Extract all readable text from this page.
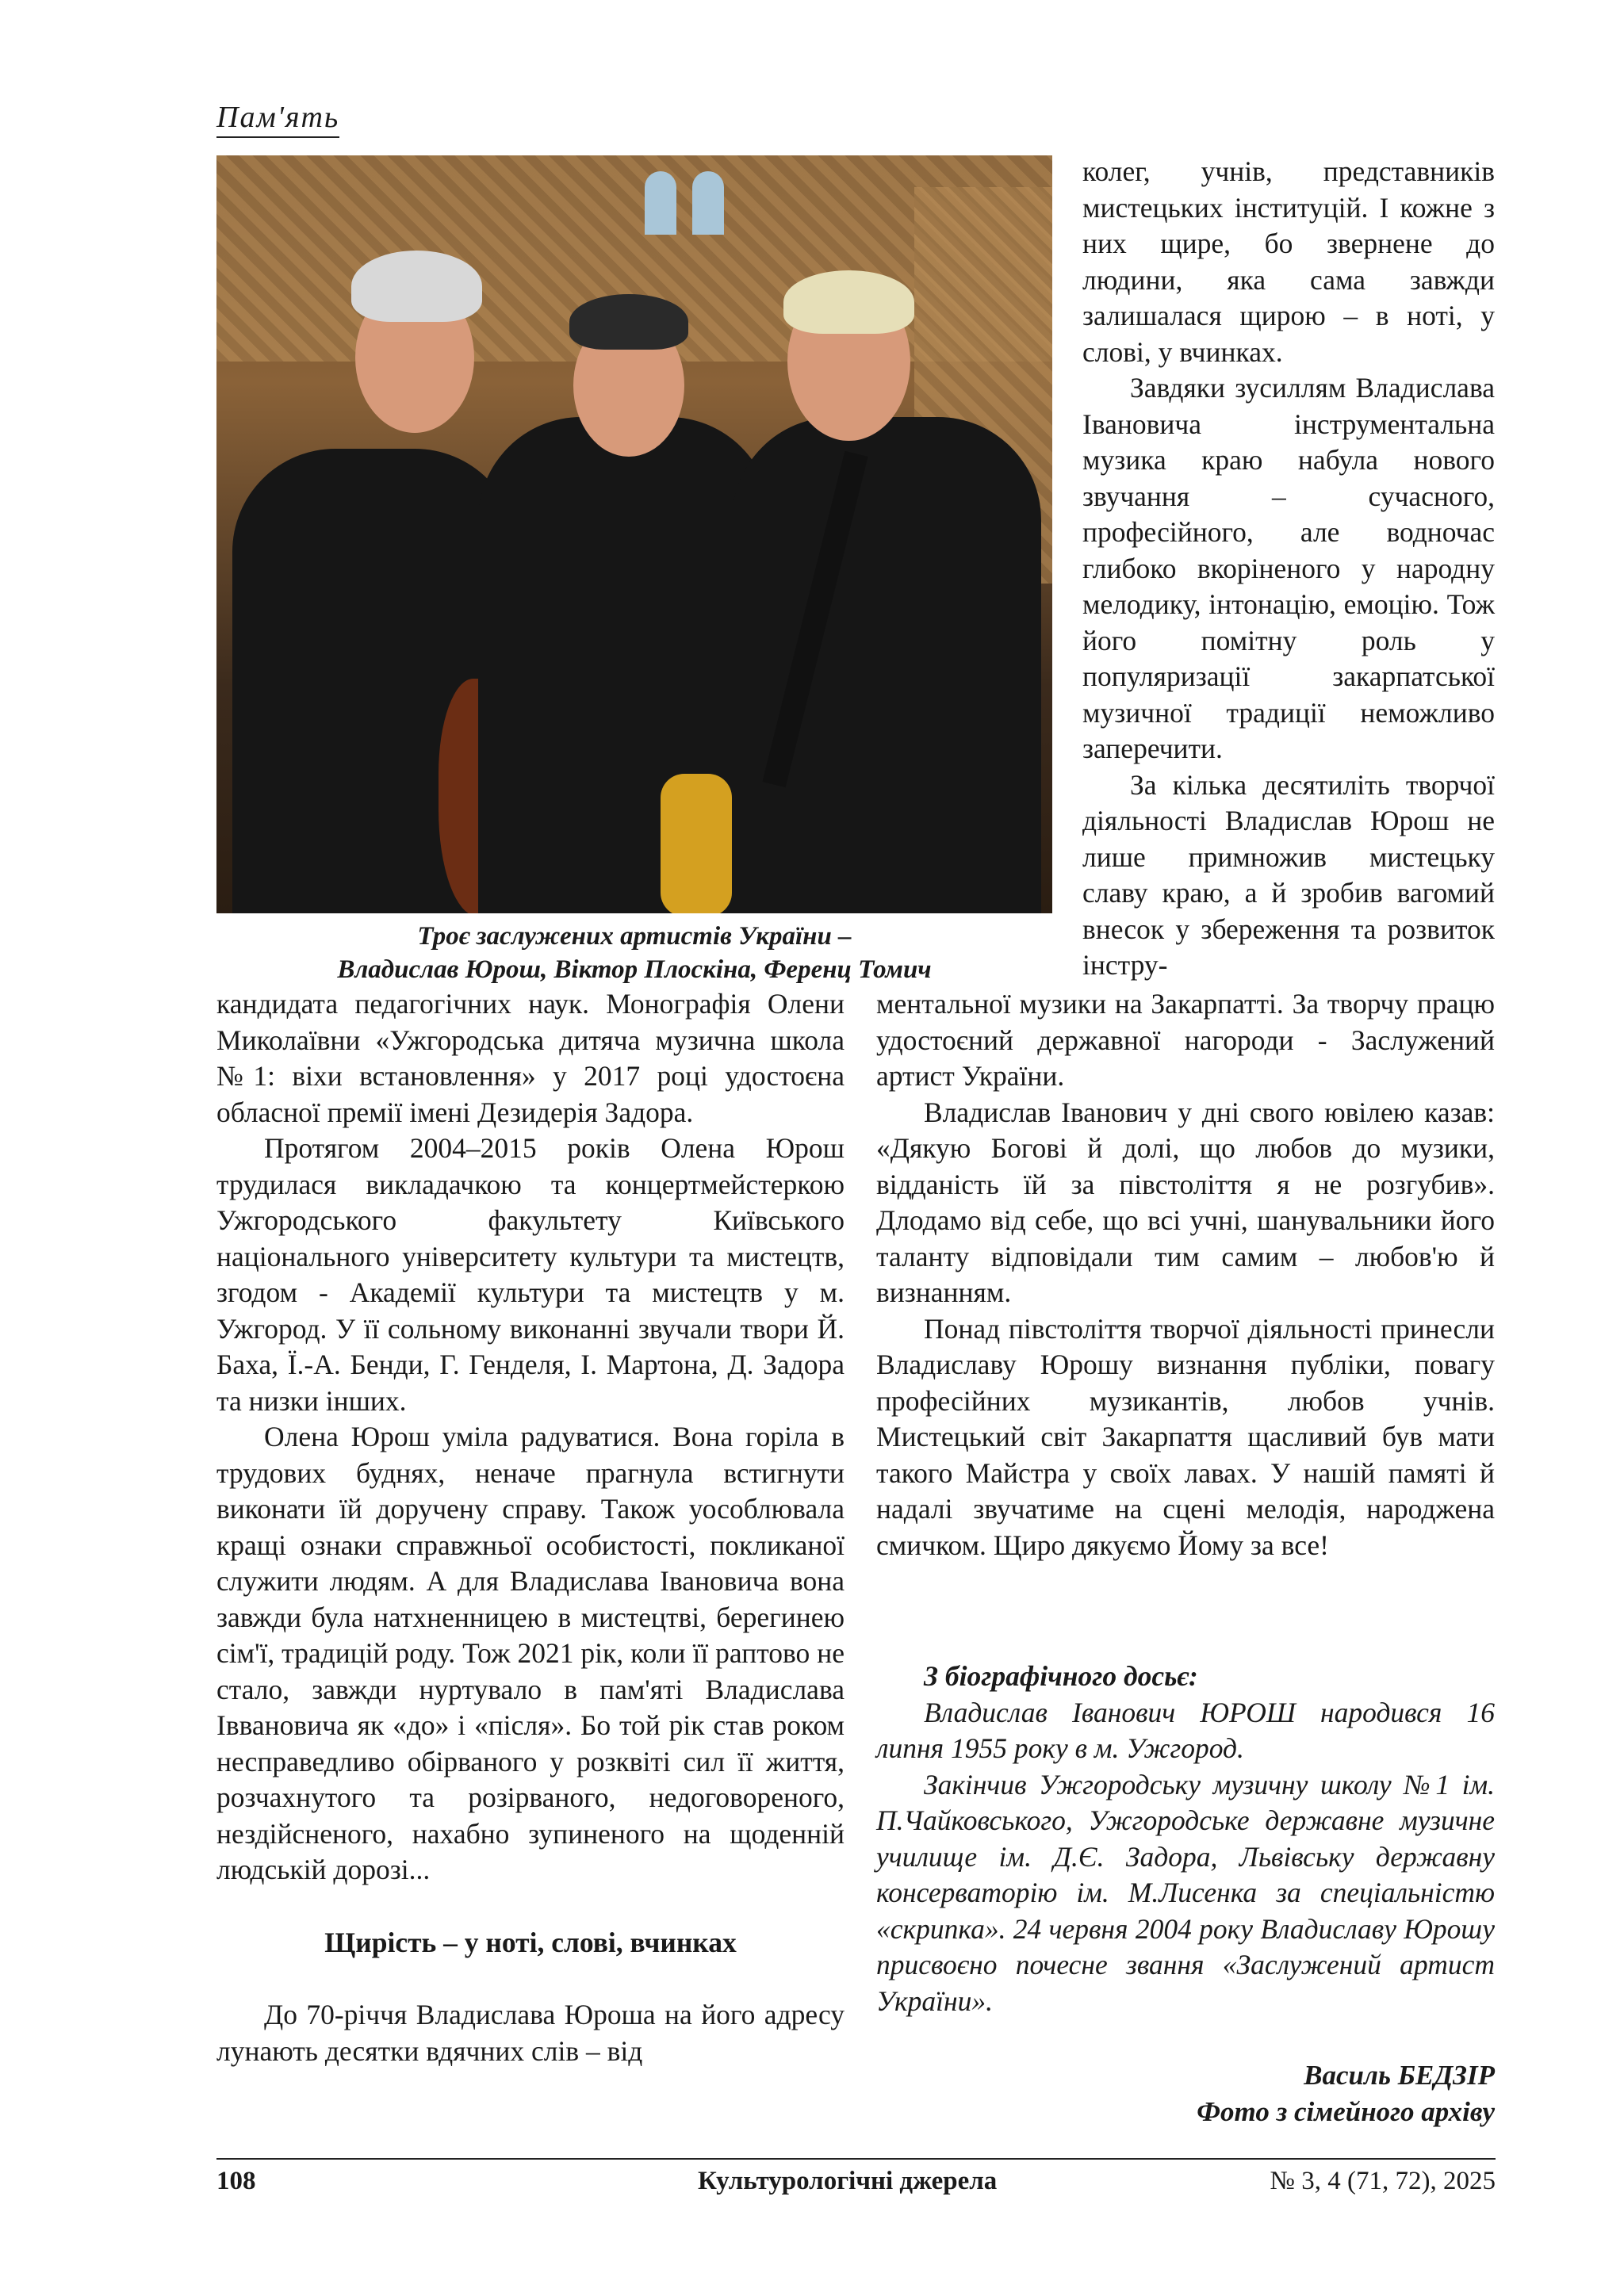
Пам'ять
Троє заслужених артистів України –
Владислав Юрош, Віктор Плоскіна, Ференц Томич

колег, учнів, представників мистецьких інституцій. І кожне з них щире, бо звернене до людини, яка сама завжди залишалася щирою – в ноті, у слові, у вчинках.

Завдяки зусиллям Владислава Івановича інструментальна музика краю набула нового звучання – сучасного, професійного, але водночас глибоко вкоріненого у народну мелодику, інтонацію, емоцію. Тож його помітну роль у популяризації закарпатської музичної традиції неможливо заперечити.

За кілька десятиліть творчої діяльності Владислав Юрош не лише примножив мистецьку славу краю, а й зробив вагомий внесок у збереження та розвиток інстру-

ментальної музики на Закарпатті. За творчу працю удостоєний державної нагороди - Заслужений артист України.

Владислав Іванович у дні свого ювілею казав: «Дякую Богові й долі, що любов до музики, відданість їй за півстоліття я не розгубив». Длодамо від себе, що всі учні, шанувальники його таланту відповідали тим самим – любов'ю й визнанням.

Понад півстоліття творчої діяльності принесли Владиславу Юрошу визнання публіки, повагу професійних музикантів, любов учнів. Мистецький світ Закарпаття щасливий був мати такого Майстра у своїх лавах. У нашій памяті й надалі звучатиме на сцені мелодія, народжена смичком. Щиро дякуємо Йому за все!

З біографічного досьє:

Владислав Іванович ЮРОШ народився 16 липня 1955 року в м. Ужгород.

Закінчив Ужгородську музичну школу №1 ім. П.Чайковського, Ужгородське державне музичне училище ім. Д.Є. Задора, Львівську державну консерваторію ім. М.Лисенка за спеціальністю «скрипка». 24 червня 2004 року Владиславу Юрошу присвоєно почесне звання «Заслужений артист України».

кандидата педагогічних наук. Монографія Олени Миколаївни «Ужгородська дитяча музична школа №1: віхи встановлення» у 2017 році удостоєна обласної премії імені Дезидерія Задора.

Протягом 2004–2015 років Олена Юрош трудилася викладачкою та концертмейстеркою Ужгородського факультету Київського національного університету культури та мистецтв, згодом - Академії культури та мистецтв у м. Ужгород. У її сольному виконанні звучали твори Й. Баха, Ї.-А. Бенди, Г. Генделя, І. Мартона, Д. Задора та низки інших.

Олена Юрош уміла радуватися. Вона горіла в трудових буднях, неначе прагнула встигнути виконати їй доручену справу. Також уособлювала кращі ознаки справжньої особистості, покликаної служити людям. А для Владислава Івановича вона завжди була натхненницею в мистецтві, берегинею сім'ї, традицій роду. Тож 2021 рік, коли її раптово не стало, завжди нуртувало в пам'яті Владислава Іввановича як «до» і «після». Бо той рік став роком несправедливо обірваного у розквіті сил її життя, розчахнутого та розірваного, недоговореного, нездійсненого, нахабно зупиненого на щоденній людській дорозі...

Щирість – у ноті, слові, вчинках

До 70-річчя Владислава Юроша на його адресу лунають десятки вдячних слів – від

Василь БЕДЗІР
Фото з сімейного архіву
108	Культурологічні джерела	№ 3, 4 (71, 72), 2025
